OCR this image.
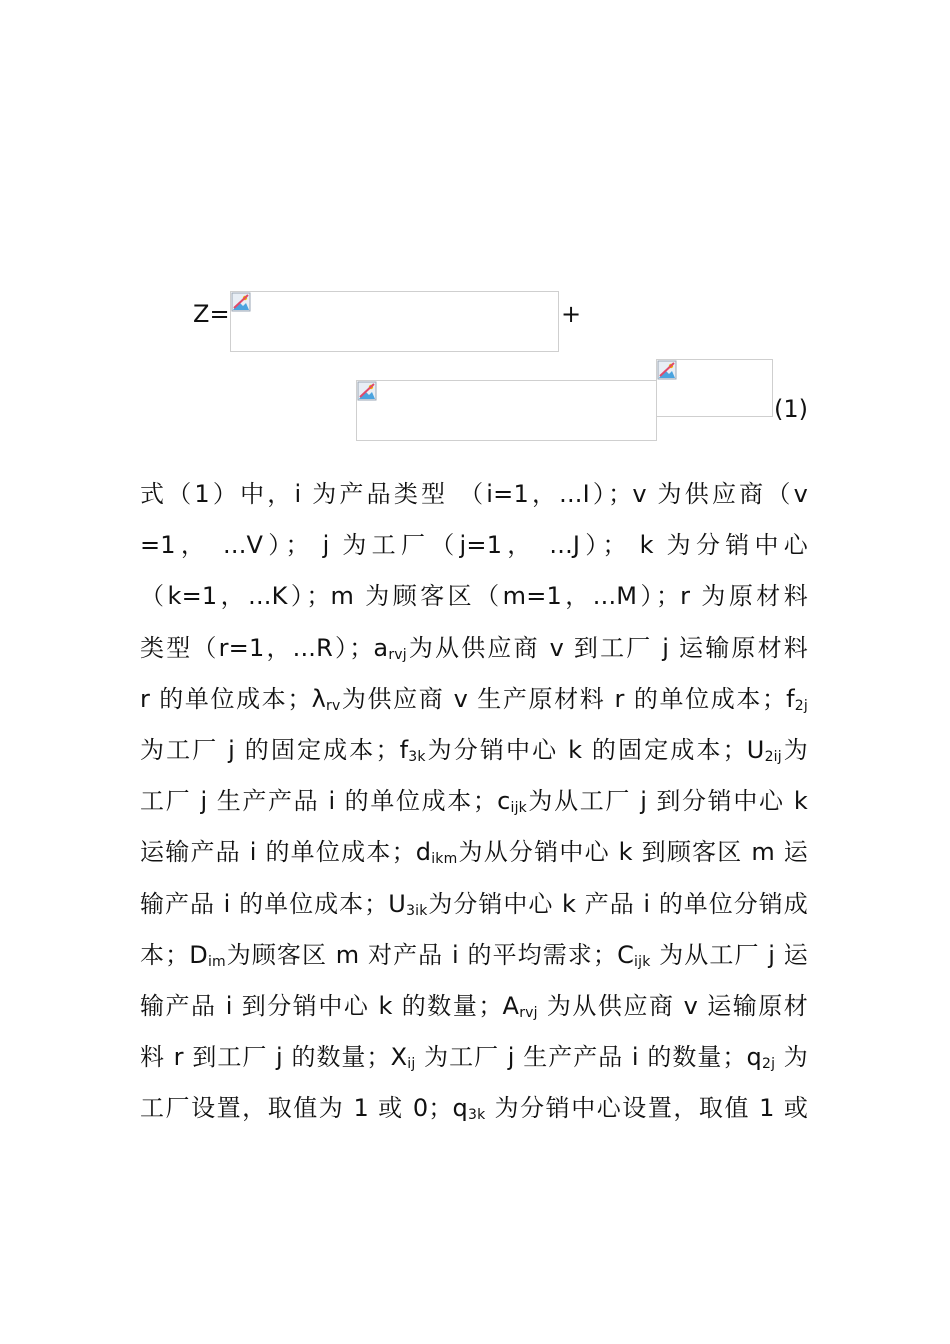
Z=	+
(1)
式（1）中，i 为产品类型 （i=1，...I）；v 为供应商（v
=1， ...V）； j 为工厂（j=1， ...J）； k 为分销中心
（k=1，...K）；m 为顾客区（m=1，...M）；r 为原材料
类型（r=1，...R）；$a_{rvj}$为从供应商 v 到工厂 j 运输原材料
r 的单位成本；$\lambda_{rv}$为供应商 v 生产原材料 r 的单位成本；$f_{2j}$
为工厂 j 的固定成本；$f_{3k}$为分销中心 k 的固定成本；$U_{2ij}$为
工厂 j 生产产品 i 的单位成本；$c_{ijk}$为从工厂 j 到分销中心 k
运输产品 i 的单位成本；$d_{ikm}$为从分销中心 k 到顾客区 m 运
输产品 i 的单位成本；$U_{3ik}$为分销中心 k 产品 i 的单位分销成
本；$D_{im}$为顾客区 m 对产品 i 的平均需求；$C_{ijk}$ 为从工厂 j 运
输产品 i 到分销中心 k 的数量；$A_{rvj}$ 为从供应商 v 运输原材
料 r 到工厂 j 的数量；$X_{ij}$ 为工厂 j 生产产品 i 的数量；$q_{2j}$ 为
工厂设置，取值为 1 或 0；$q_{3k}$ 为分销中心设置，取值 1 或
